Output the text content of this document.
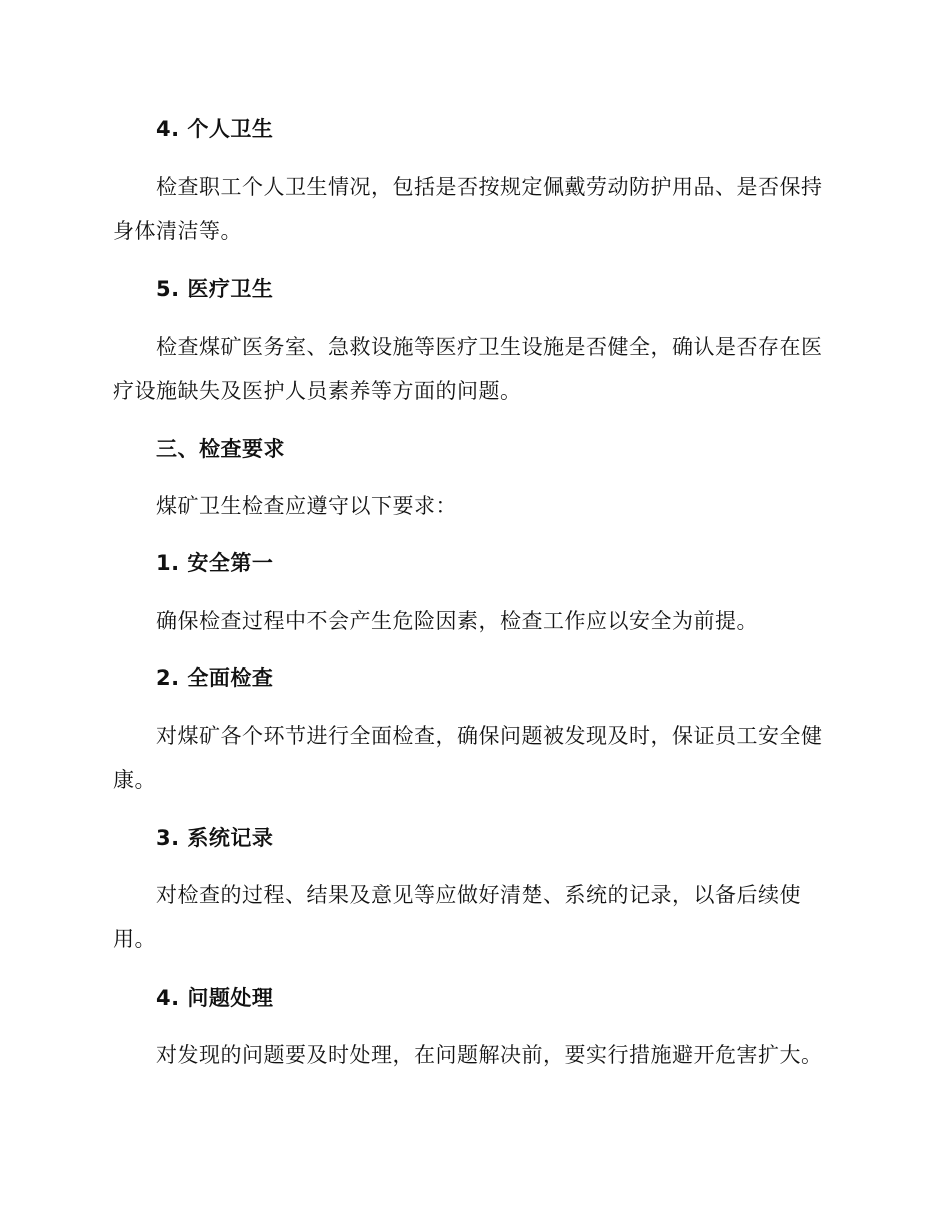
4. 个人卫生
检查职工个人卫生情况，包括是否按规定佩戴劳动防护用品、是否保持
身体清洁等。
5. 医疗卫生
检查煤矿医务室、急救设施等医疗卫生设施是否健全，确认是否存在医
疗设施缺失及医护人员素养等方面的问题。
三、检查要求
煤矿卫生检查应遵守以下要求：
1. 安全第一
确保检查过程中不会产生危险因素，检查工作应以安全为前提。
2. 全面检查
对煤矿各个环节进行全面检查，确保问题被发现及时，保证员工安全健
康。
3. 系统记录
对检查的过程、结果及意见等应做好清楚、系统的记录，以备后续使
用。
4. 问题处理
对发现的问题要及时处理，在问题解决前，要实行措施避开危害扩大。
